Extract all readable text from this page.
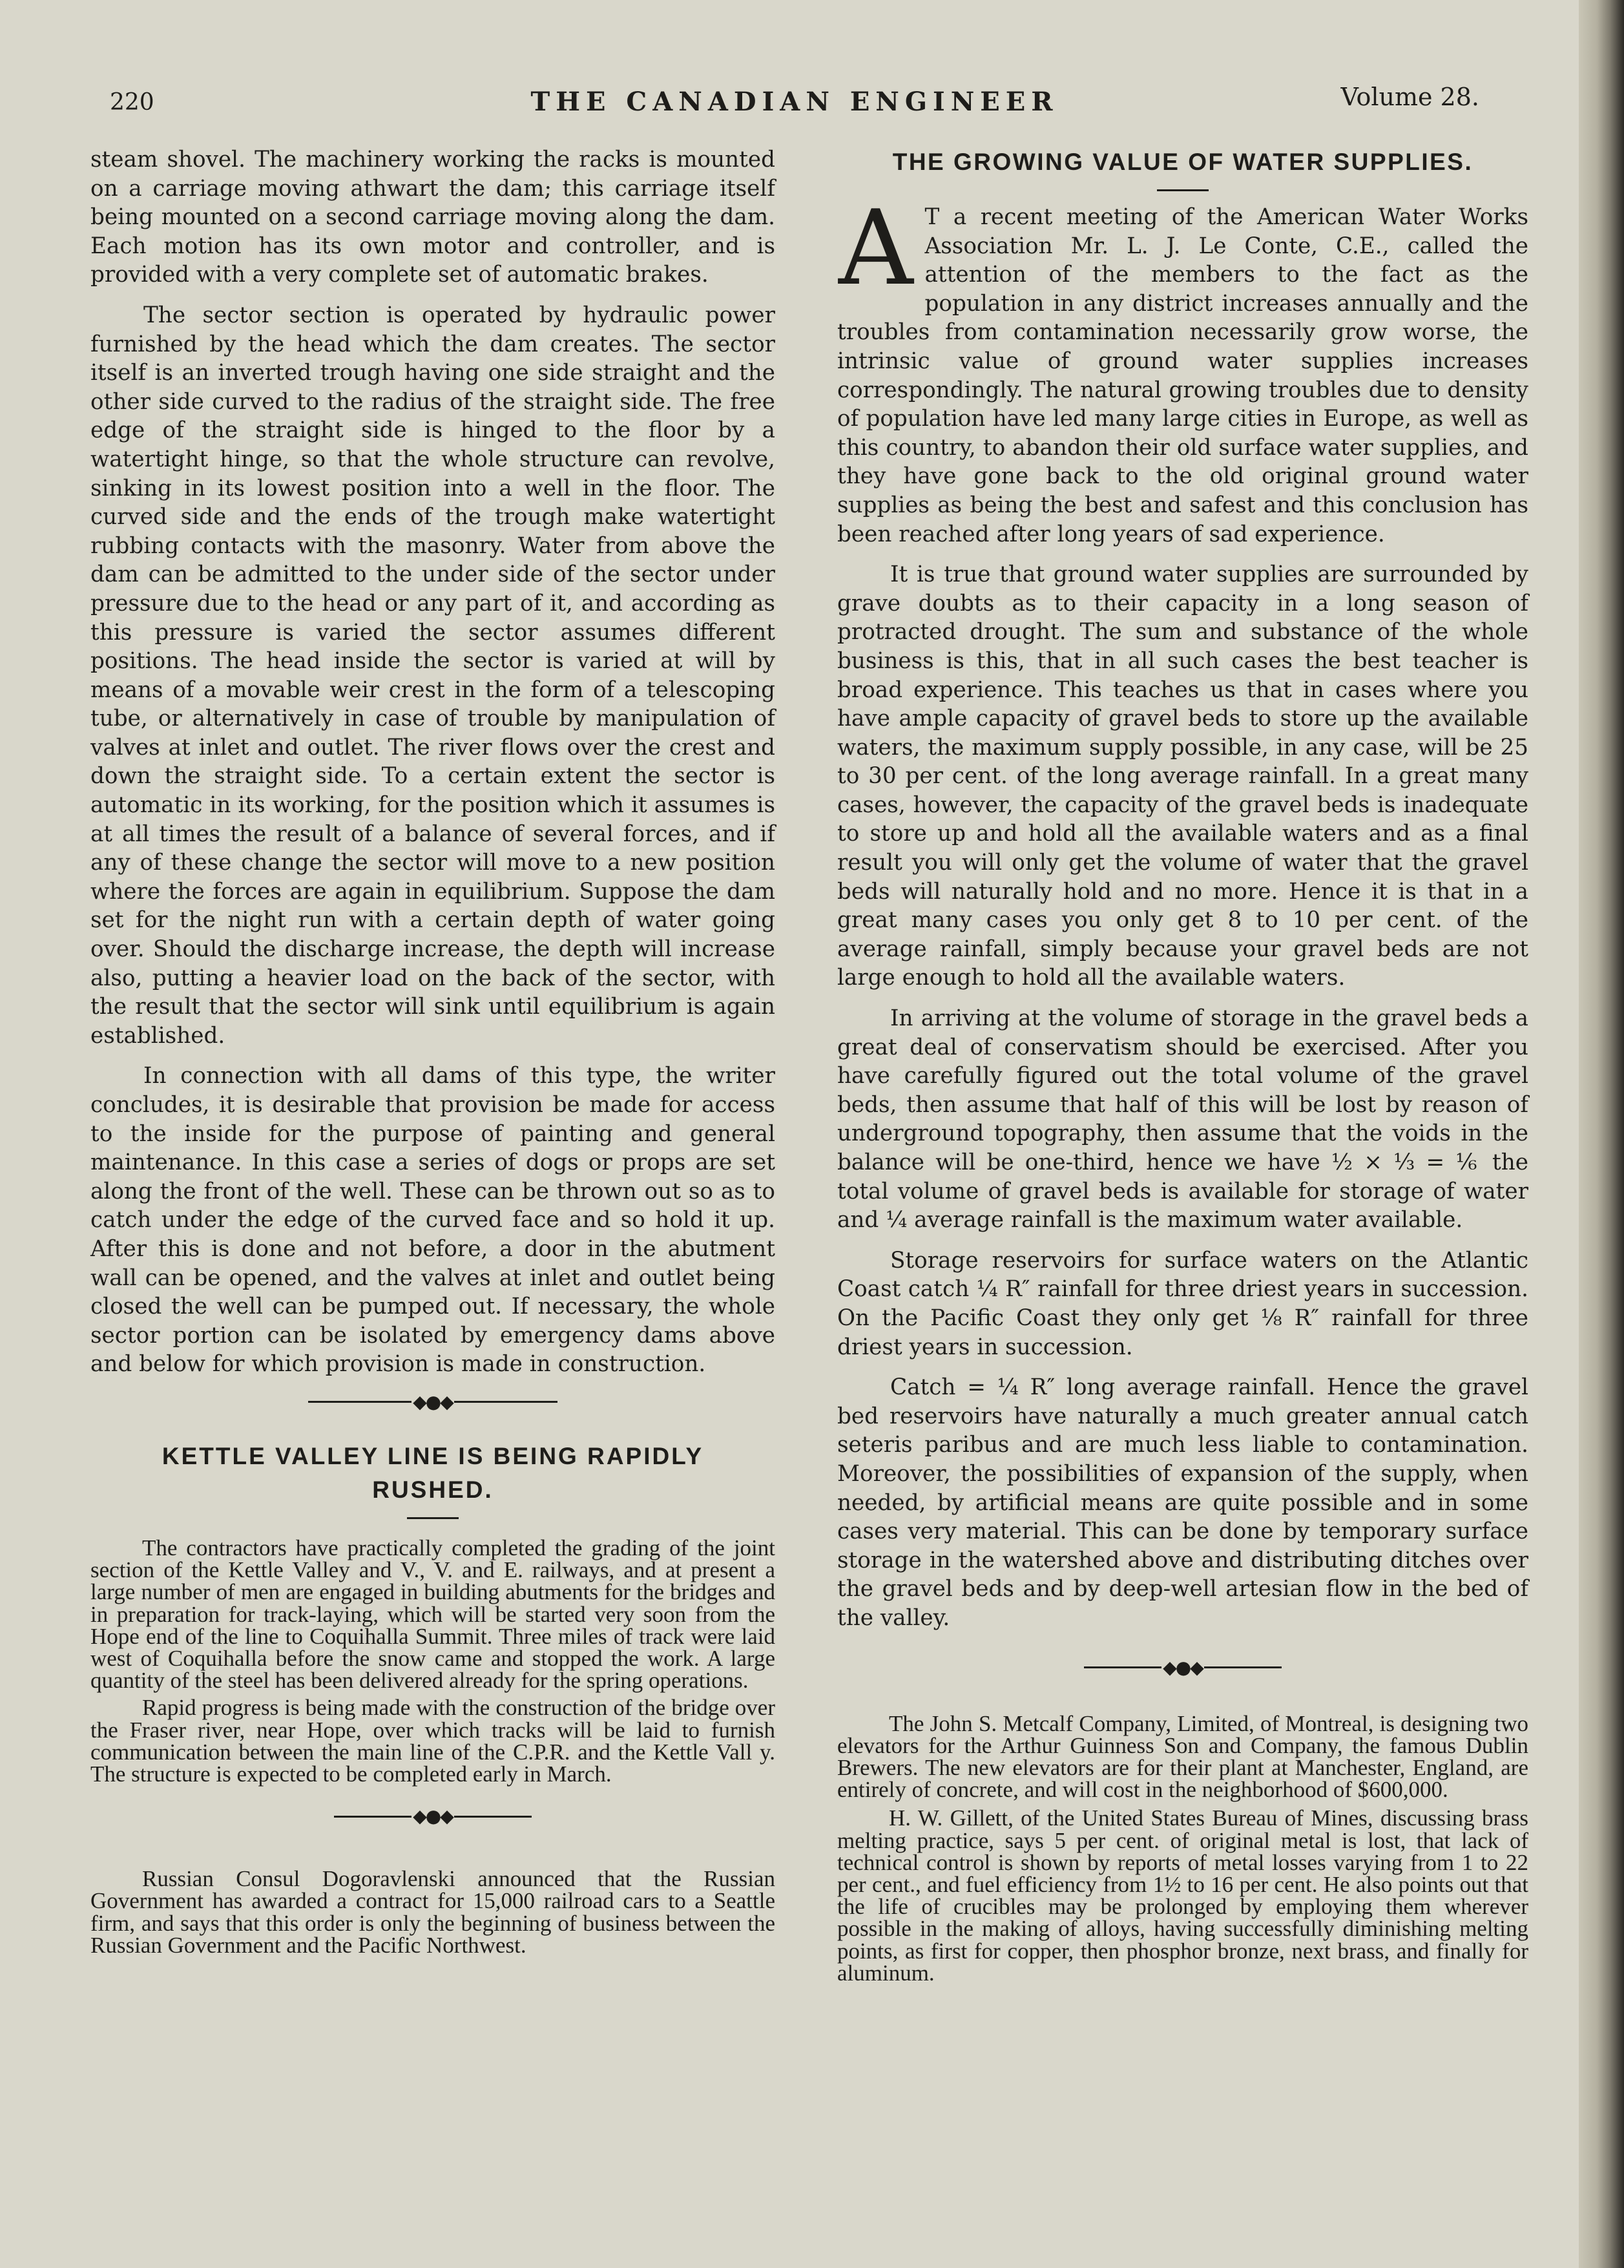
220	THE CANADIAN ENGINEER	Volume 28.

steam shovel. The machinery working the racks is mounted on a carriage moving athwart the dam; this carriage itself being mounted on a second carriage moving along the dam. Each motion has its own motor and controller, and is provided with a very complete set of automatic brakes.

The sector section is operated by hydraulic power furnished by the head which the dam creates. The sector itself is an inverted trough having one side straight and the other side curved to the radius of the straight side. The free edge of the straight side is hinged to the floor by a watertight hinge, so that the whole structure can revolve, sinking in its lowest position into a well in the floor. The curved side and the ends of the trough make watertight rubbing contacts with the masonry. Water from above the dam can be admitted to the under side of the sector under pressure due to the head or any part of it, and according as this pressure is varied the sector assumes different positions. The head inside the sector is varied at will by means of a movable weir crest in the form of a telescoping tube, or alternatively in case of trouble by manipulation of valves at inlet and outlet. The river flows over the crest and down the straight side. To a certain extent the sector is automatic in its working, for the position which it assumes is at all times the result of a balance of several forces, and if any of these change the sector will move to a new position where the forces are again in equilibrium. Suppose the dam set for the night run with a certain depth of water going over. Should the discharge increase, the depth will increase also, putting a heavier load on the back of the sector, with the result that the sector will sink until equilibrium is again established.

In connection with all dams of this type, the writer concludes, it is desirable that provision be made for access to the inside for the purpose of painting and general maintenance. In this case a series of dogs or props are set along the front of the well. These can be thrown out so as to catch under the edge of the curved face and so hold it up. After this is done and not before, a door in the abutment wall can be opened, and the valves at inlet and outlet being closed the well can be pumped out. If necessary, the whole sector portion can be isolated by emergency dams above and below for which provision is made in construction.

◆●◆
KETTLE VALLEY LINE IS BEING RAPIDLY RUSHED.

The contractors have practically completed the grading of the joint section of the Kettle Valley and V., V. and E. railways, and at present a large number of men are engaged in building abutments for the bridges and in preparation for track-laying, which will be started very soon from the Hope end of the line to Coquihalla Summit. Three miles of track were laid west of Coquihalla before the snow came and stopped the work. A large quantity of the steel has been delivered already for the spring operations.

Rapid progress is being made with the construction of the bridge over the Fraser river, near Hope, over which tracks will be laid to furnish communication between the main line of the C.P.R. and the Kettle Vall y. The structure is expected to be completed early in March.

◆●◆

Russian Consul Dogoravlenski announced that the Russian Government has awarded a contract for 15,000 railroad cars to a Seattle firm, and says that this order is only the beginning of business between the Russian Government and the Pacific Northwest.

THE GROWING VALUE OF WATER SUPPLIES.
A T a recent meeting of the American Water Works Association Mr. L. J. Le Conte, C.E., called the attention of the members to the fact as the population in any district increases annually and the troubles from contamination necessarily grow worse, the intrinsic value of ground water supplies increases correspondingly. The natural growing troubles due to density of population have led many large cities in Europe, as well as this country, to abandon their old surface water supplies, and they have gone back to the old original ground water supplies as being the best and safest and this conclusion has been reached after long years of sad experience.

It is true that ground water supplies are surrounded by grave doubts as to their capacity in a long season of protracted drought. The sum and substance of the whole business is this, that in all such cases the best teacher is broad experience. This teaches us that in cases where you have ample capacity of gravel beds to store up the available waters, the maximum supply possible, in any case, will be 25 to 30 per cent. of the long average rainfall. In a great many cases, however, the capacity of the gravel beds is inadequate to store up and hold all the available waters and as a final result you will only get the volume of water that the gravel beds will naturally hold and no more. Hence it is that in a great many cases you only get 8 to 10 per cent. of the average rainfall, simply because your gravel beds are not large enough to hold all the available waters.

In arriving at the volume of storage in the gravel beds a great deal of conservatism should be exercised. After you have carefully figured out the total volume of the gravel beds, then assume that half of this will be lost by reason of underground topography, then assume that the voids in the balance will be one-third, hence we have ½ × ⅓ = ⅙ the total volume of gravel beds is available for storage of water and ¼ average rainfall is the maximum water available.

Storage reservoirs for surface waters on the Atlantic Coast catch ¼ R″ rainfall for three driest years in succession. On the Pacific Coast they only get ⅛ R″ rainfall for three driest years in succession.

Catch = ¼ R″ long average rainfall. Hence the gravel bed reservoirs have naturally a much greater annual catch seteris paribus and are much less liable to contamination. Moreover, the possibilities of expansion of the supply, when needed, by artificial means are quite possible and in some cases very material. This can be done by temporary surface storage in the watershed above and distributing ditches over the gravel beds and by deep-well artesian flow in the bed of the valley.

◆●◆

The John S. Metcalf Company, Limited, of Montreal, is designing two elevators for the Arthur Guinness Son and Company, the famous Dublin Brewers. The new elevators are for their plant at Manchester, England, are entirely of concrete, and will cost in the neighborhood of $600,000.

H. W. Gillett, of the United States Bureau of Mines, discussing brass melting practice, says 5 per cent. of original metal is lost, that lack of technical control is shown by reports of metal losses varying from 1 to 22 per cent., and fuel efficiency from 1½ to 16 per cent. He also points out that the life of crucibles may be prolonged by employing them wherever possible in the making of alloys, having successfully diminishing melting points, as first for copper, then phosphor bronze, next brass, and finally for aluminum.
